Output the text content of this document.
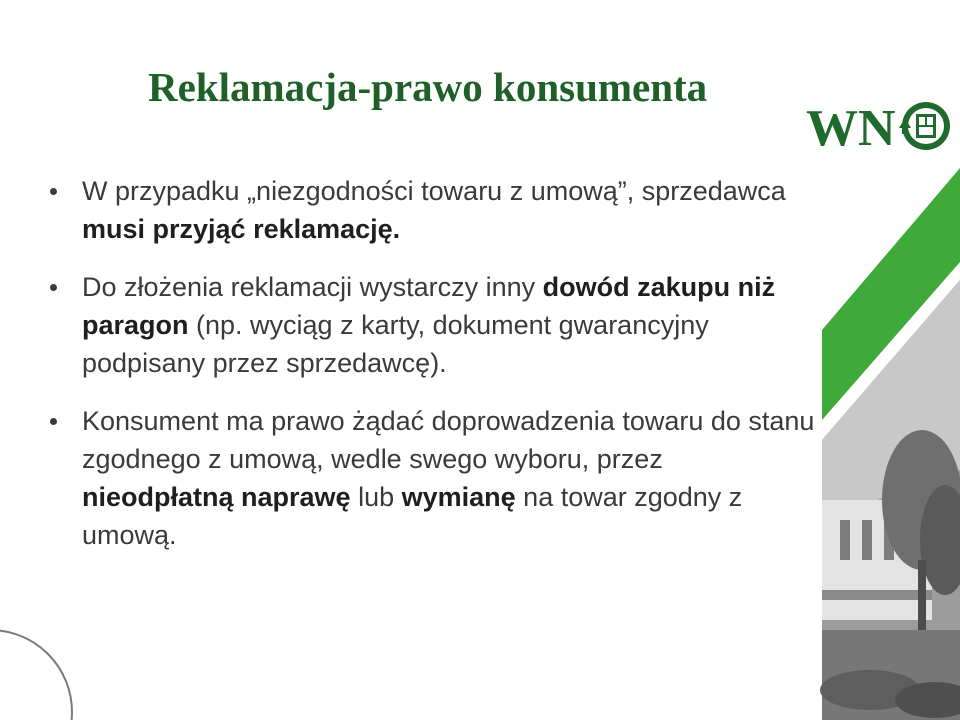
Reklamacja-prawo konsumenta
WN
W przypadku „niezgodności towaru z umową”, sprzedawca musi przyjąć reklamację.
Do złożenia reklamacji wystarczy inny dowód zakupu niż paragon (np. wyciąg z karty, dokument gwarancyjny podpisany przez sprzedawcę).
Konsument ma prawo żądać doprowadzenia towaru do stanu zgodnego z umową, wedle swego wyboru, przez nieodpłatną naprawę lub wymianę na towar zgodny z umową.
